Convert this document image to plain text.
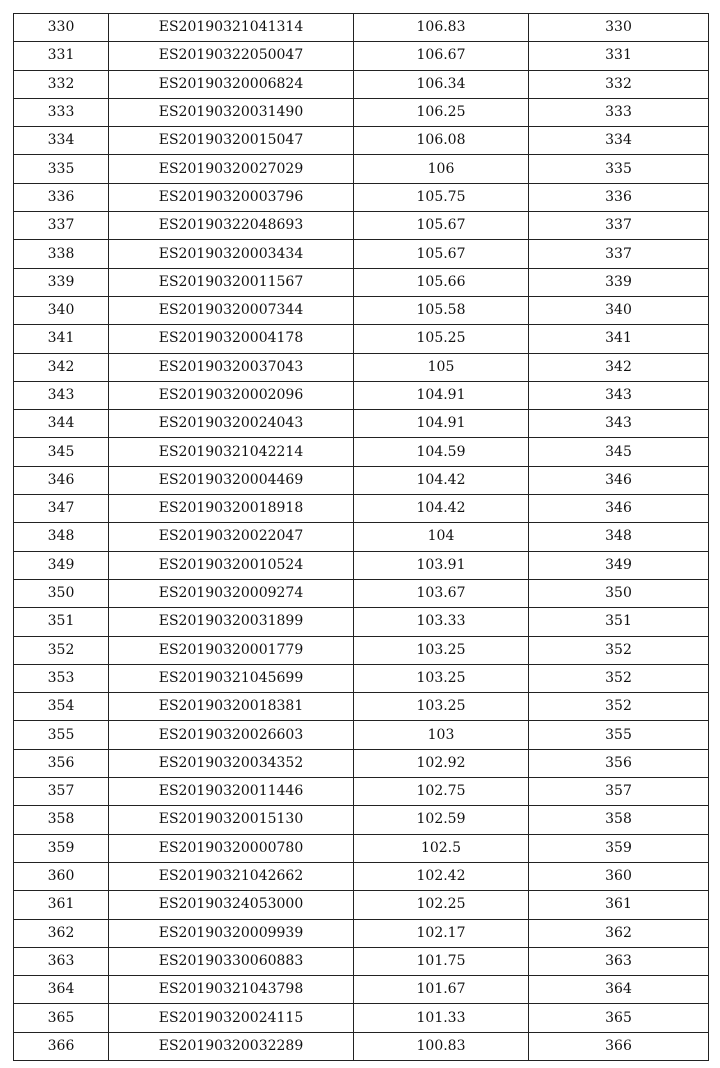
330	ES20190321041314	106.83	330
331	ES20190322050047	106.67	331
332	ES20190320006824	106.34	332
333	ES20190320031490	106.25	333
334	ES20190320015047	106.08	334
335	ES20190320027029	106	335
336	ES20190320003796	105.75	336
337	ES20190322048693	105.67	337
338	ES20190320003434	105.67	337
339	ES20190320011567	105.66	339
340	ES20190320007344	105.58	340
341	ES20190320004178	105.25	341
342	ES20190320037043	105	342
343	ES20190320002096	104.91	343
344	ES20190320024043	104.91	343
345	ES20190321042214	104.59	345
346	ES20190320004469	104.42	346
347	ES20190320018918	104.42	346
348	ES20190320022047	104	348
349	ES20190320010524	103.91	349
350	ES20190320009274	103.67	350
351	ES20190320031899	103.33	351
352	ES20190320001779	103.25	352
353	ES20190321045699	103.25	352
354	ES20190320018381	103.25	352
355	ES20190320026603	103	355
356	ES20190320034352	102.92	356
357	ES20190320011446	102.75	357
358	ES20190320015130	102.59	358
359	ES20190320000780	102.5	359
360	ES20190321042662	102.42	360
361	ES20190324053000	102.25	361
362	ES20190320009939	102.17	362
363	ES20190330060883	101.75	363
364	ES20190321043798	101.67	364
365	ES20190320024115	101.33	365
366	ES20190320032289	100.83	366
